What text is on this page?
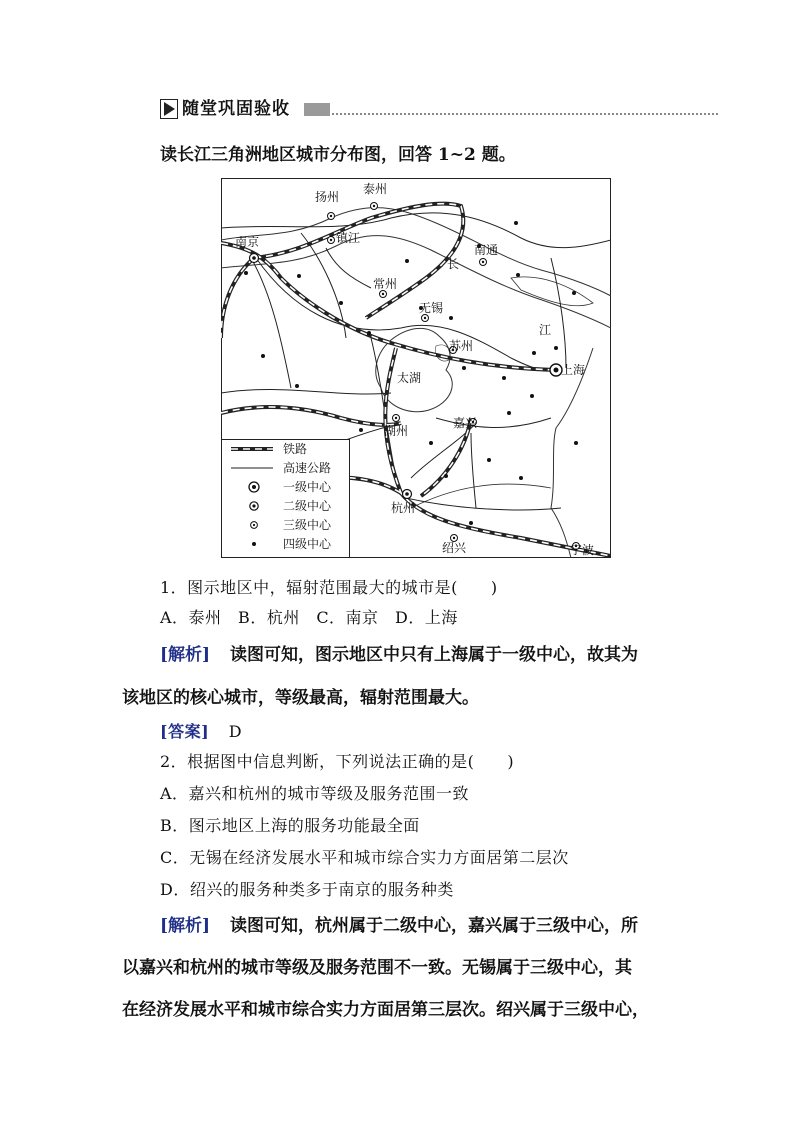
随堂巩固验收
读长江三角洲地区城市分布图，回答 1~2 题。
南京
扬州
泰州
镇江
常州
无锡
苏州
南通
上海
湖州
嘉兴
杭州
绍兴	宁波
长
江
太湖
铁路
高速公路
一级中心
二级中心
三级中心
四级中心
1．图示地区中，辐射范围最大的城市是(　　)
A．泰州　B．杭州　C．南京　D．上海
[解析] 读图可知，图示地区中只有上海属于一级中心，故其为
该地区的核心城市，等级最高，辐射范围最大。
[答案] D
2．根据图中信息判断，下列说法正确的是(　　)
A．嘉兴和杭州的城市等级及服务范围一致
B．图示地区上海的服务功能最全面
C．无锡在经济发展水平和城市综合实力方面居第二层次
D．绍兴的服务种类多于南京的服务种类
[解析] 读图可知，杭州属于二级中心，嘉兴属于三级中心，所
以嘉兴和杭州的城市等级及服务范围不一致。无锡属于三级中心，其
在经济发展水平和城市综合实力方面居第三层次。绍兴属于三级中心，
